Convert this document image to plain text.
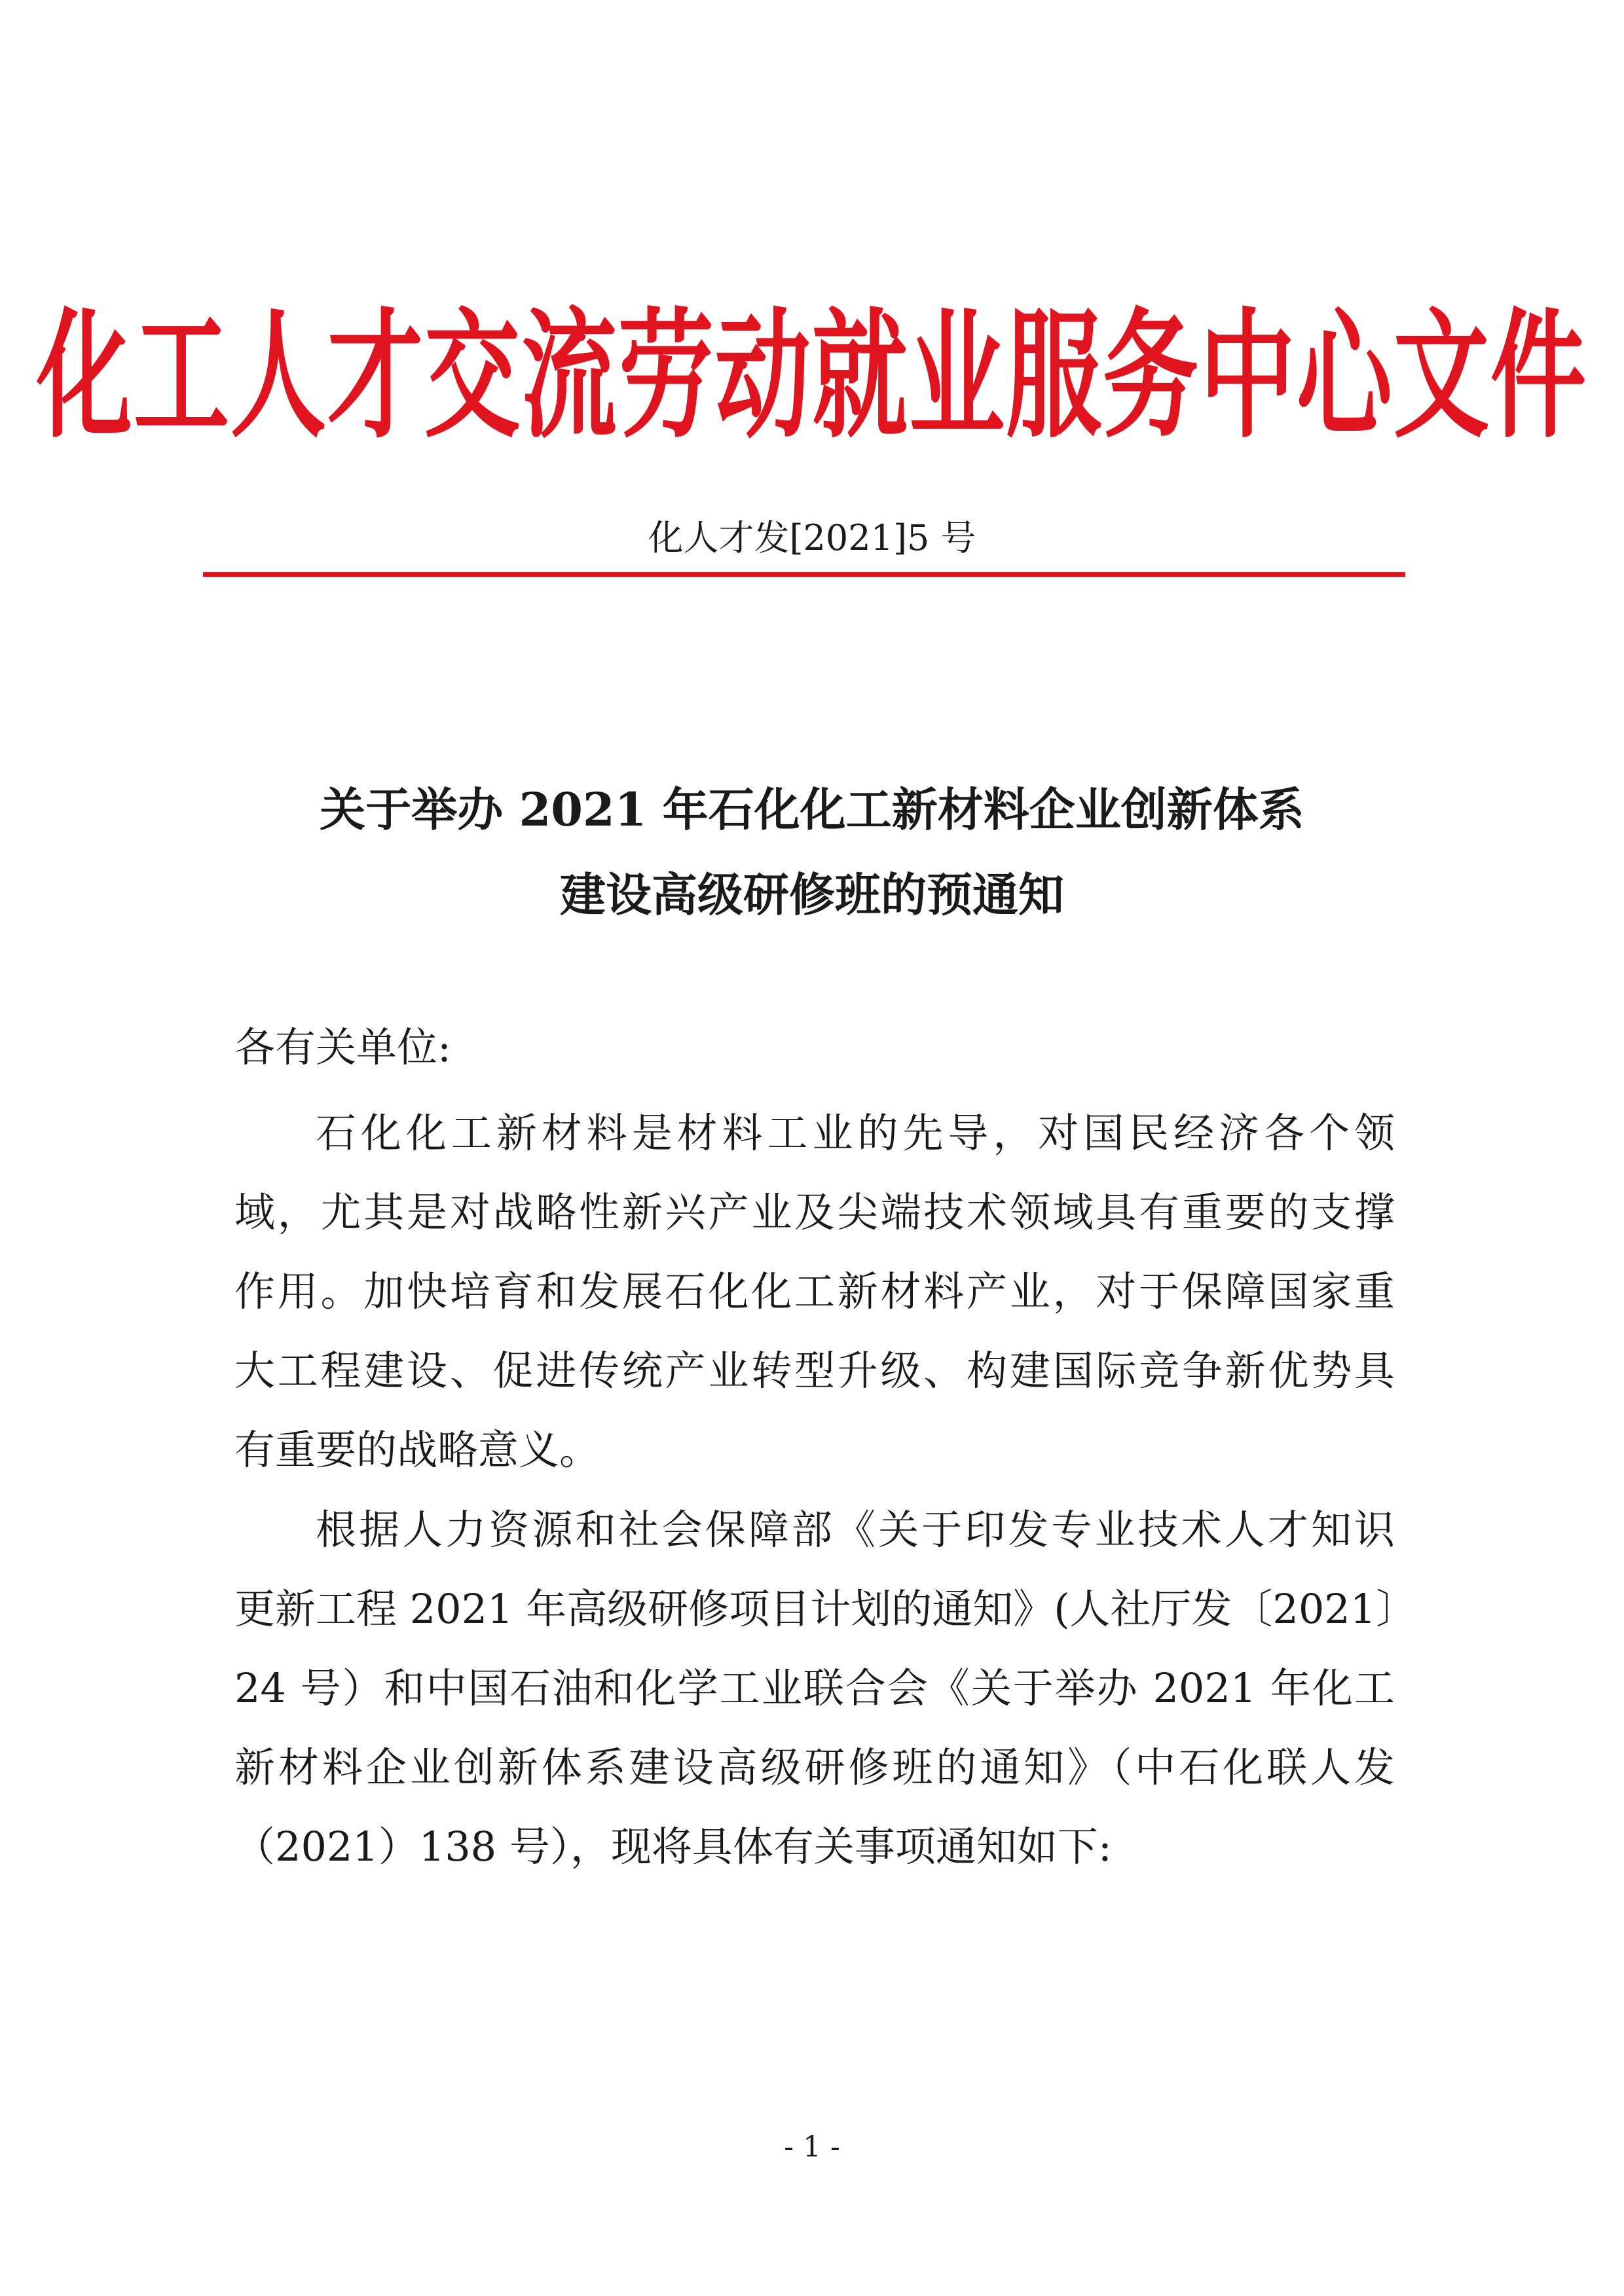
化工人才交流劳动就业服务中心文件
化人才发[2021]5 号
关于举办 2021 年石化化工新材料企业创新体系
建设高级研修班的预通知
各有关单位:
石化化工新材料是材料工业的先导，对国民经济各个领
域，尤其是对战略性新兴产业及尖端技术领域具有重要的支撑
作用。加快培育和发展石化化工新材料产业，对于保障国家重
大工程建设、促进传统产业转型升级、构建国际竞争新优势具
有重要的战略意义。
根据人力资源和社会保障部《关于印发专业技术人才知识
更新工程 2021 年高级研修项目计划的通知》(人社厅发〔2021〕
24 号）和中国石油和化学工业联合会《关于举办 2021 年化工
新材料企业创新体系建设高级研修班的通知》（中石化联人发
（2021）138 号），现将具体有关事项通知如下:
- 1 -
